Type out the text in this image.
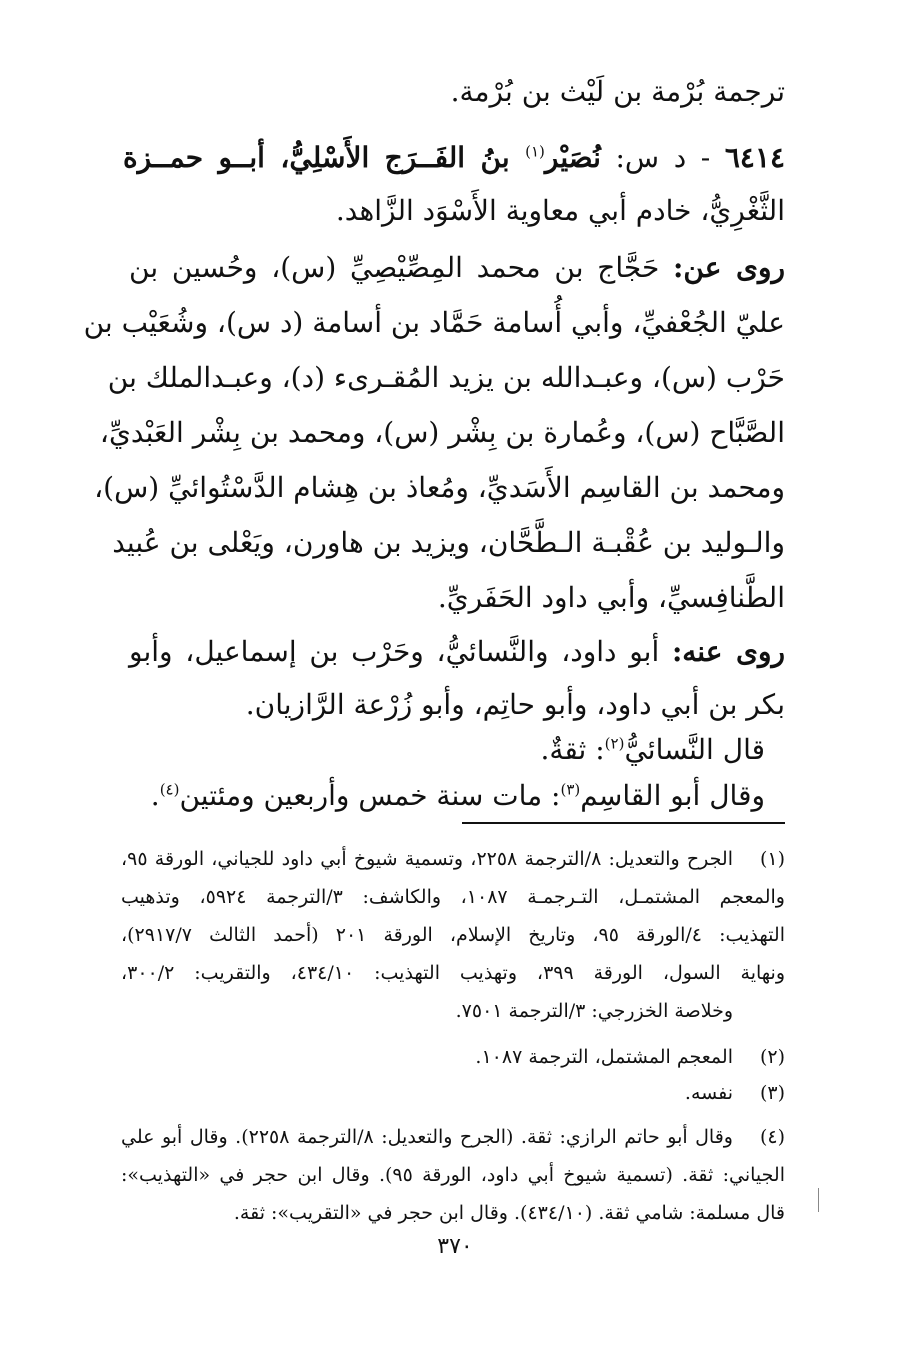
ترجمة بُرْمة بن لَيْث بن بُرْمة.
٦٤١٤ - د س: نُصَيْر$^{(١)}$ بنُ الفَــرَج الأَسْلِيُّ، أبــو حمــزة
الثَّغْرِيُّ، خادم أبي معاوية الأَسْوَد الزَّاهد.
روى عن: حَجَّاج بن محمد المِصِّيْصِيِّ (س)، وحُسين بن
عليّ الجُعْفيِّ، وأبي أُسامة حَمَّاد بن أسامة (د س)، وشُعَيْب بن
حَرْب (س)، وعبـدالله بن يزيد المُقـرىء (د)، وعبـدالملك بن
الصَّبَّاح (س)، وعُمارة بن بِشْر (س)، ومحمد بن بِشْر العَبْديِّ،
ومحمد بن القاسِم الأَسَديِّ، ومُعاذ بن هِشام الدَّسْتُوائيِّ (س)،
والـوليد بن عُقْبـة الـطَّحَّان، ويزيد بن هاورن، ويَعْلى بن عُبيد
الطَّنافِسيِّ، وأبي داود الحَفَريِّ.
روى عنه: أبو داود، والنَّسائيُّ، وحَرْب بن إسماعيل، وأبو
بكر بن أبي داود، وأبو حاتِم، وأبو زُرْعة الرَّازيان.
قال النَّسائيُّ$^{(٢)}$: ثقةٌ.
وقال أبو القاسِم$^{(٣)}$: مات سنة خمس وأربعين ومئتين$^{(٤)}$.
(١)
الجرح والتعديل: ٨/الترجمة ٢٢٥٨، وتسمية شيوخ أبي داود للجياني، الورقة ٩٥،
والمعجم المشتمـل، التـرجمـة ١٠٨٧، والكاشف: ٣/الترجمة ٥٩٢٤، وتذهيب
التهذيب: ٤/الورقة ٩٥، وتاريخ الإسلام، الورقة ٢٠١ (أحمد الثالث ٢٩١٧/٧)،
ونهاية السول، الورقة ٣٩٩، وتهذيب التهذيب: ٤٣٤/١٠، والتقريب: ٣٠٠/٢،
وخلاصة الخزرجي: ٣/الترجمة ٧٥٠١.
(٢)
المعجم المشتمل، الترجمة ١٠٨٧.
(٣)
نفسه.
(٤)
وقال أبو حاتم الرازي: ثقة. (الجرح والتعديل: ٨/الترجمة ٢٢٥٨). وقال أبو علي
الجياني: ثقة. (تسمية شيوخ أبي داود، الورقة ٩٥). وقال ابن حجر في «التهذيب»:
قال مسلمة: شامي ثقة. (٤٣٤/١٠). وقال ابن حجر في «التقريب»: ثقة.
٣٧٠
